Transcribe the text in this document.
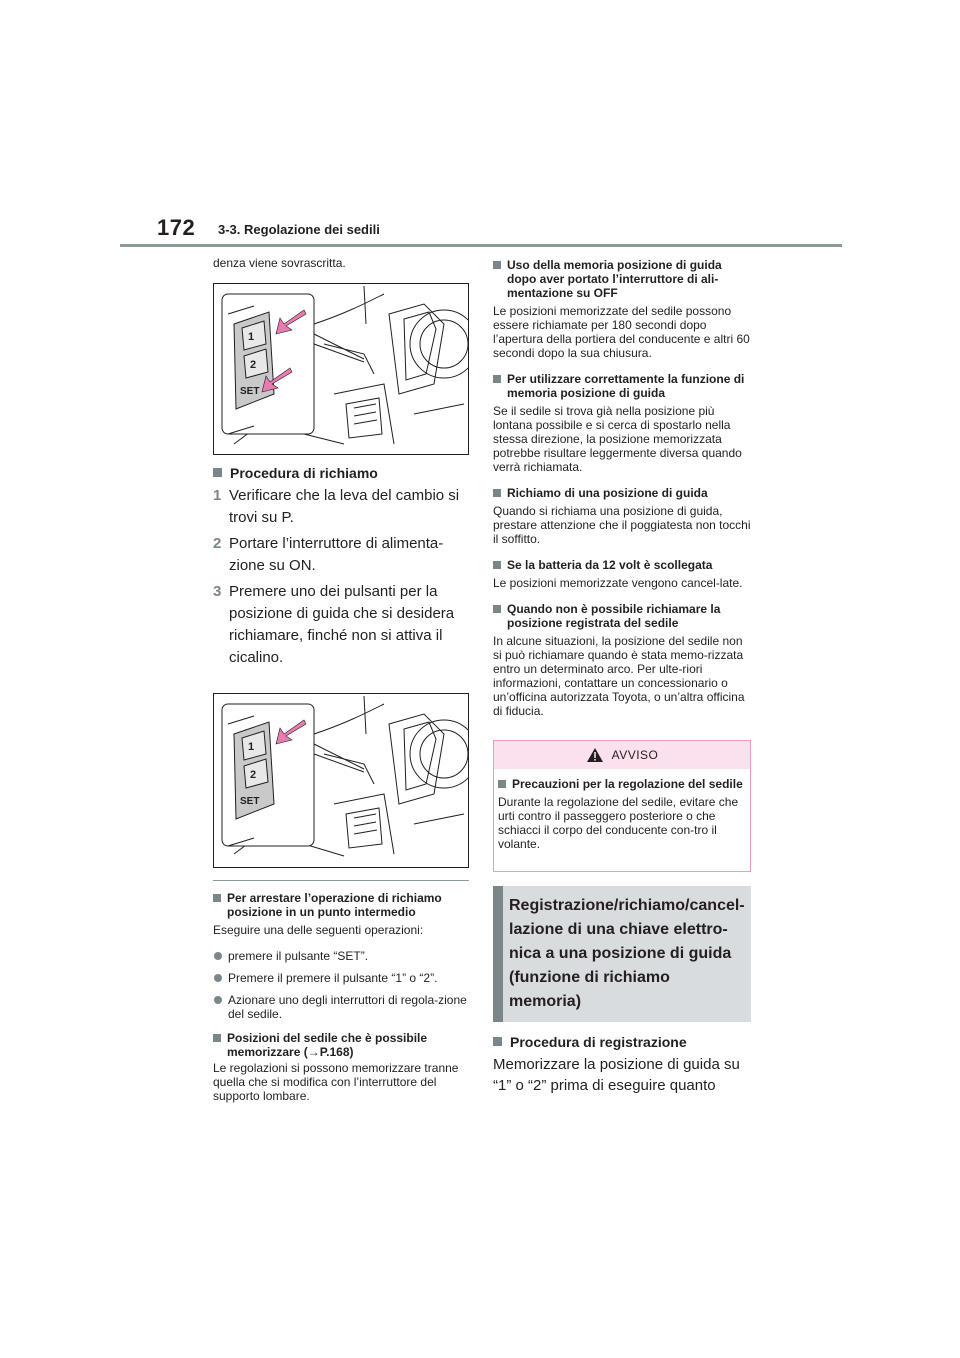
172 3-3. Regolazione dei sedili

denza viene sovrascritta.

1
2
SET
Procedura di richiamo
1 Verificare che la leva del cambio si trovi su P.
2 Portare l’interruttore di alimenta-zione su ON.
3 Premere uno dei pulsanti per la posizione di guida che si desidera richiamare, finché non si attiva il cicalino.
1
2
SET
Per arrestare l’operazione di richiamo posizione in un punto intermedio

Eseguire una delle seguenti operazioni:

premere il pulsante “SET”.
Premere il premere il pulsante “1” o “2”.
Azionare uno degli interruttori di regola-zione del sedile.
Posizioni del sedile che è possibile memorizzare (→P.168)

Le regolazioni si possono memorizzare tranne quella che si modifica con l’interruttore del supporto lombare.

Uso della memoria posizione di guida dopo aver portato l’interruttore di ali-mentazione su OFF

Le posizioni memorizzate del sedile possono essere richiamate per 180 secondi dopo l’apertura della portiera del conducente e altri 60 secondi dopo la sua chiusura.

Per utilizzare correttamente la funzione di memoria posizione di guida

Se il sedile si trova già nella posizione più lontana possibile e si cerca di spostarlo nella stessa direzione, la posizione memorizzata potrebbe risultare leggermente diversa quando verrà richiamata.

Richiamo di una posizione di guida

Quando si richiama una posizione di guida, prestare attenzione che il poggiatesta non tocchi il soffitto.

Se la batteria da 12 volt è scollegata

Le posizioni memorizzate vengono cancel-late.

Quando non è possibile richiamare la posizione registrata del sedile

In alcune situazioni, la posizione del sedile non si può richiamare quando è stata memo-rizzata entro un determinato arco. Per ulte-riori informazioni, contattare un concessionario o un’officina autorizzata Toyota, o un’altra officina di fiducia.

AVVISO
Precauzioni per la regolazione del sedile

Durante la regolazione del sedile, evitare che urti contro il passeggero posteriore o che schiacci il corpo del conducente con-tro il volante.

Registrazione/richiamo/cancel-lazione di una chiave elettro-nica a una posizione di guida (funzione di richiamo memoria)
Procedura di registrazione

Memorizzare la posizione di guida su “1” o “2” prima di eseguire quanto
